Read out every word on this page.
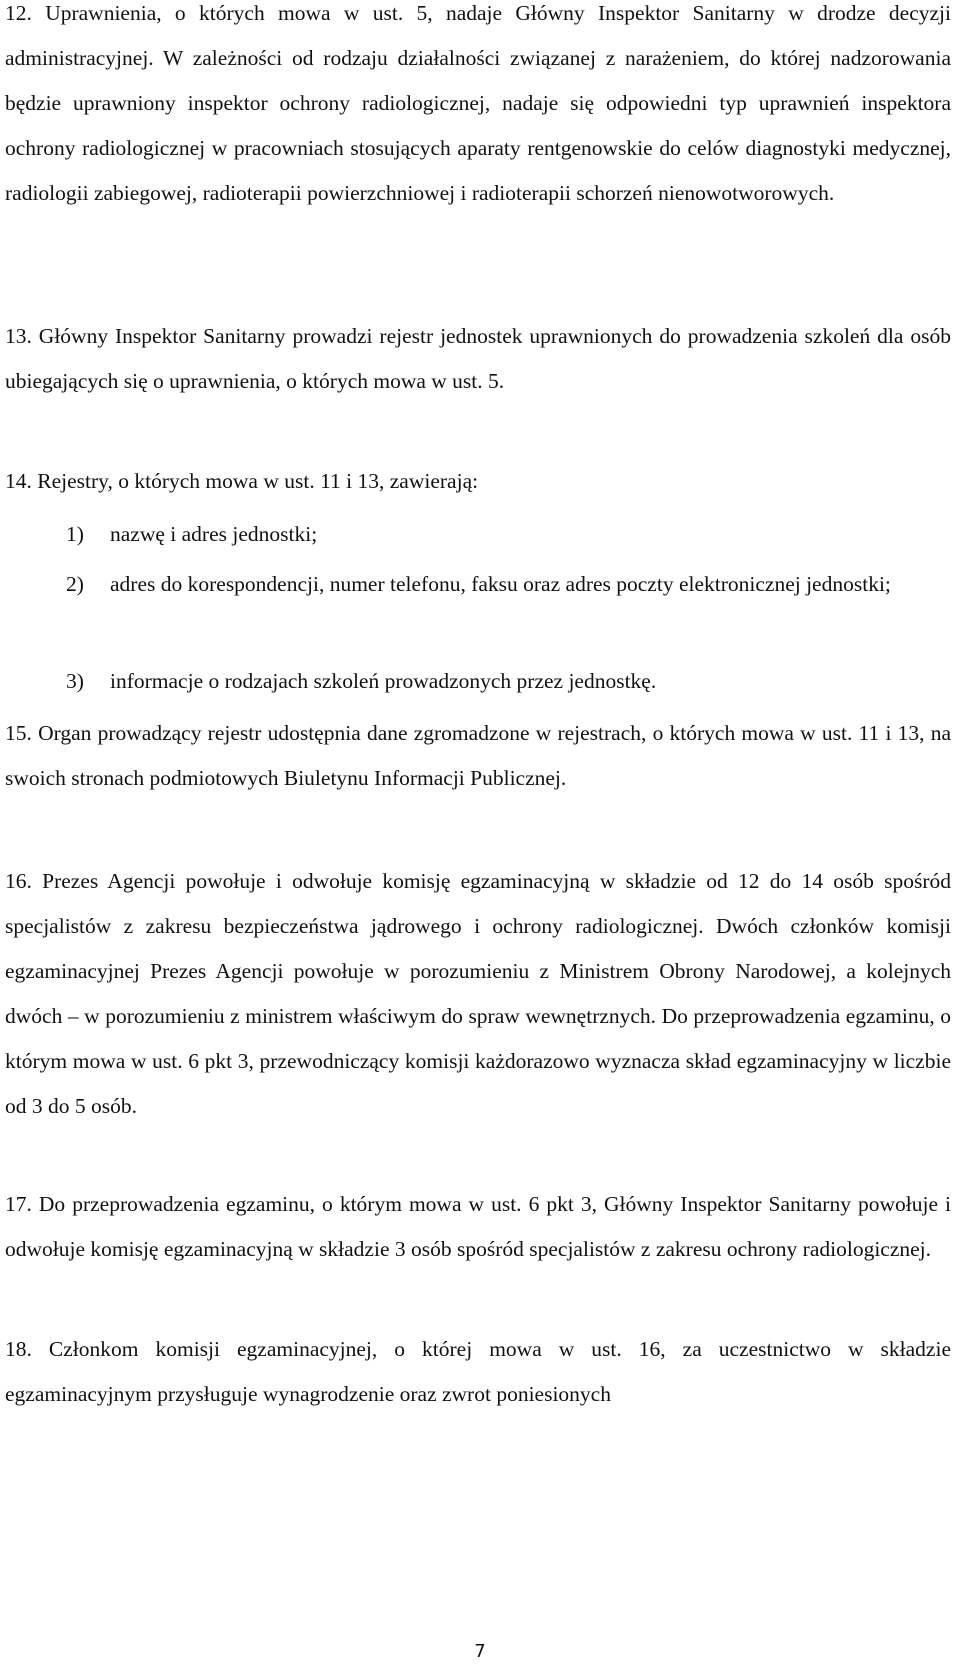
12. Uprawnienia, o których mowa w ust. 5, nadaje Główny Inspektor Sanitarny w drodze decyzji administracyjnej. W zależności od rodzaju działalności związanej z narażeniem, do której nadzorowania będzie uprawniony inspektor ochrony radiologicznej, nadaje się odpowiedni typ uprawnień inspektora ochrony radiologicznej w pracowniach stosujących aparaty rentgenowskie do celów diagnostyki medycznej, radiologii zabiegowej, radioterapii powierzchniowej i radioterapii schorzeń nienowotworowych.

13. Główny Inspektor Sanitarny prowadzi rejestr jednostek uprawnionych do prowadzenia szkoleń dla osób ubiegających się o uprawnienia, o których mowa w ust. 5.

14. Rejestry, o których mowa w ust. 11 i 13, zawierają:

1)	nazwę i adres jednostki;
2)	adres do korespondencji, numer telefonu, faksu oraz adres poczty elektronicznej jednostki;
3)	informacje o rodzajach szkoleń prowadzonych przez jednostkę.

15. Organ prowadzący rejestr udostępnia dane zgromadzone w rejestrach, o których mowa w ust. 11 i 13, na swoich stronach podmiotowych Biuletynu Informacji Publicznej.

16. Prezes Agencji powołuje i odwołuje komisję egzaminacyjną w składzie od 12 do 14 osób spośród specjalistów z zakresu bezpieczeństwa jądrowego i ochrony radiologicznej. Dwóch członków komisji egzaminacyjnej Prezes Agencji powołuje w porozumieniu z Ministrem Obrony Narodowej, a kolejnych dwóch – w porozumieniu z ministrem właściwym do spraw wewnętrznych. Do przeprowadzenia egzaminu, o którym mowa w ust. 6 pkt 3, przewodniczący komisji każdorazowo wyznacza skład egzaminacyjny w liczbie od 3 do 5 osób.

17. Do przeprowadzenia egzaminu, o którym mowa w ust. 6 pkt 3, Główny Inspektor Sanitarny powołuje i odwołuje komisję egzaminacyjną w składzie 3 osób spośród specjalistów z zakresu ochrony radiologicznej.

18. Członkom komisji egzaminacyjnej, o której mowa w ust. 16, za uczestnictwo w składzie egzaminacyjnym przysługuje wynagrodzenie oraz zwrot poniesionych

7
